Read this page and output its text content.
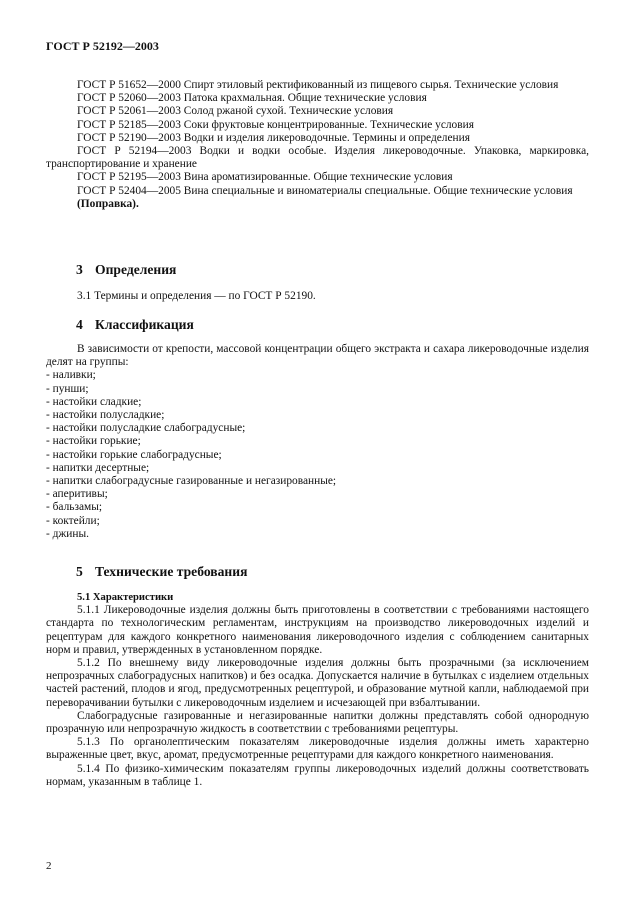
ГОСТ Р 52192—2003

ГОСТ Р 51652—2000 Спирт этиловый ректификованный из пищевого сырья. Технические условия

ГОСТ Р 52060—2003 Патока крахмальная. Общие технические условия

ГОСТ Р 52061—2003 Солод ржаной сухой. Технические условия

ГОСТ Р 52185—2003 Соки фруктовые концентрированные. Технические условия

ГОСТ Р 52190—2003 Водки и изделия ликероводочные. Термины и определения

ГОСТ Р 52194—2003 Водки и водки особые. Изделия ликероводочные. Упаковка, маркировка, транспортирование и хранение

ГОСТ Р 52195—2003 Вина ароматизированные. Общие технические условия

ГОСТ Р 52404—2005 Вина специальные и виноматериалы специальные. Общие технические условия

(Поправка).

3 Определения

3.1 Термины и определения — по ГОСТ Р 52190.

4 Классификация

В зависимости от крепости, массовой концентрации общего экстракта и сахара ликероводочные изделия делят на группы:

- наливки;
- пунши;
- настойки сладкие;
- настойки полусладкие;
- настойки полусладкие слабоградусные;
- настойки горькие;
- настойки горькие слабоградусные;
- напитки десертные;
- напитки слабоградусные газированные и негазированные;
- аперитивы;
- бальзамы;
- коктейли;
- джины.
5 Технические требования

5.1 Характеристики

5.1.1 Ликероводочные изделия должны быть приготовлены в соответствии с требованиями настоящего стандарта по технологическим регламентам, инструкциям на производство ликероводочных изделий и рецептурам для каждого конкретного наименования ликероводочного изделия с соблюдением санитарных норм и правил, утвержденных в установленном порядке.

5.1.2 По внешнему виду ликероводочные изделия должны быть прозрачными (за исключением непрозрачных слабоградусных напитков) и без осадка. Допускается наличие в бутылках с изделием отдельных частей растений, плодов и ягод, предусмотренных рецептурой, и образование мутной капли, наблюдаемой при переворачивании бутылки с ликероводочным изделием и исчезающей при взбалтывании.

Слабоградусные газированные и негазированные напитки должны представлять собой однородную прозрачную или непрозрачную жидкость в соответствии с требованиями рецептуры.

5.1.3 По органолептическим показателям ликероводочные изделия должны иметь характерно выраженные цвет, вкус, аромат, предусмотренные рецептурами для каждого конкретного наименования.

5.1.4 По физико-химическим показателям группы ликероводочных изделий должны соответствовать нормам, указанным в таблице 1.

2
